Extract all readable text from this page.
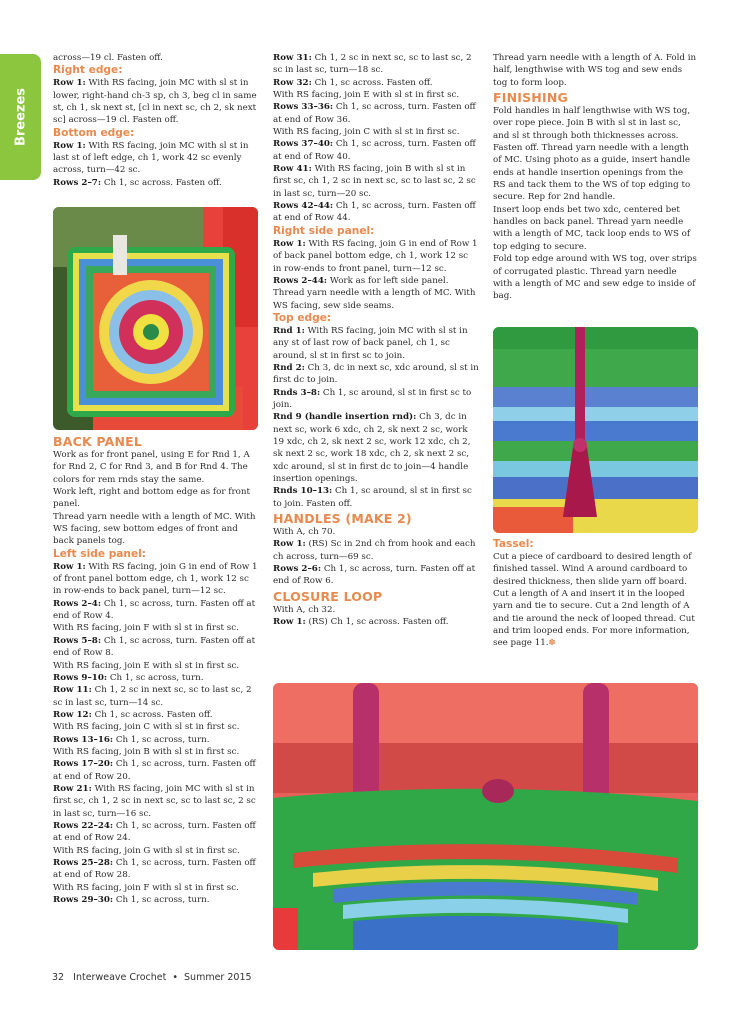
Breezes

across—19 cl. Fasten off.

Right edge:

Row 1: With RS facing, join MC with sl st in lower, right-hand ch-3 sp, ch 3, beg cl in same st, ch 1, sk next st, [cl in next sc, ch 2, sk next sc] across—19 cl. Fasten off.

Bottom edge:

Row 1: With RS facing, join MC with sl st in last st of left edge, ch 1, work 42 sc evenly across, turn—42 sc.

Rows 2–7: Ch 1, sc across. Fasten off.

BACK PANEL

Work as for front panel, using E for Rnd 1, A for Rnd 2, C for Rnd 3, and B for Rnd 4. The colors for rem rnds stay the same.

Work left, right and bottom edge as for front panel.

Thread yarn needle with a length of MC. With WS facing, sew bottom edges of front and back panels tog.

Left side panel:

Row 1: With RS facing, join G in end of Row 1 of front panel bottom edge, ch 1, work 12 sc in row-ends to back panel, turn—12 sc.

Rows 2–4: Ch 1, sc across, turn. Fasten off at end of Row 4.

With RS facing, join F with sl st in first sc.

Rows 5–8: Ch 1, sc across, turn. Fasten off at end of Row 8.

With RS facing, join E with sl st in first sc.

Rows 9–10: Ch 1, sc across, turn.

Row 11: Ch 1, 2 sc in next sc, sc to last sc, 2 sc in last sc, turn—14 sc.

Row 12: Ch 1, sc across. Fasten off.

With RS facing, join C with sl st in first sc.

Rows 13–16: Ch 1, sc across, turn.

With RS facing, join B with sl st in first sc.

Rows 17–20: Ch 1, sc across, turn. Fasten off at end of Row 20.

Row 21: With RS facing, join MC with sl st in first sc, ch 1, 2 sc in next sc, sc to last sc, 2 sc in last sc, turn—16 sc.

Rows 22–24: Ch 1, sc across, turn. Fasten off at end of Row 24.

With RS facing, join G with sl st in first sc.

Rows 25–28: Ch 1, sc across, turn. Fasten off at end of Row 28.

With RS facing, join F with sl st in first sc.

Rows 29–30: Ch 1, sc across, turn.

Row 31: Ch 1, 2 sc in next sc, sc to last sc, 2 sc in last sc, turn—18 sc.

Row 32: Ch 1, sc across. Fasten off.

With RS facing, join E with sl st in first sc.

Rows 33–36: Ch 1, sc across, turn. Fasten off at end of Row 36.

With RS facing, join C with sl st in first sc.

Rows 37–40: Ch 1, sc across, turn. Fasten off at end of Row 40.

Row 41: With RS facing, join B with sl st in first sc, ch 1, 2 sc in next sc, sc to last sc, 2 sc in last sc, turn—20 sc.

Rows 42–44: Ch 1, sc across, turn. Fasten off at end of Row 44.

Right side panel:

Row 1: With RS facing, join G in end of Row 1 of back panel bottom edge, ch 1, work 12 sc in row-ends to front panel, turn—12 sc.

Rows 2–44: Work as for left side panel.

Thread yarn needle with a length of MC. With WS facing, sew side seams.

Top edge:

Rnd 1: With RS facing, join MC with sl st in any st of last row of back panel, ch 1, sc around, sl st in first sc to join.

Rnd 2: Ch 3, dc in next sc, xdc around, sl st in first dc to join.

Rnds 3–8: Ch 1, sc around, sl st in first sc to join.

Rnd 9 (handle insertion rnd): Ch 3, dc in next sc, work 6 xdc, ch 2, sk next 2 sc, work 19 xdc, ch 2, sk next 2 sc, work 12 xdc, ch 2, sk next 2 sc, work 18 xdc, ch 2, sk next 2 sc, xdc around, sl st in first dc to join—4 handle insertion openings.

Rnds 10–13: Ch 1, sc around, sl st in first sc to join. Fasten off.

HANDLES (MAKE 2)

With A, ch 70.

Row 1: (RS) Sc in 2nd ch from hook and each ch across, turn—69 sc.

Rows 2–6: Ch 1, sc across, turn. Fasten off at end of Row 6.

CLOSURE LOOP

With A, ch 32.

Row 1: (RS) Ch 1, sc across. Fasten off.

Thread yarn needle with a length of A. Fold in half, lengthwise with WS tog and sew ends tog to form loop.

FINISHING

Fold handles in half lengthwise with WS tog, over rope piece. Join B with sl st in last sc, and sl st through both thicknesses across. Fasten off. Thread yarn needle with a length of MC. Using photo as a guide, insert handle ends at handle insertion openings from the RS and tack them to the WS of top edging to secure. Rep for 2nd handle.

Insert loop ends bet two xdc, centered bet handles on back panel. Thread yarn needle with a length of MC, tack loop ends to WS of top edging to secure.

Fold top edge around with WS tog, over strips of corrugated plastic. Thread yarn needle with a length of MC and sew edge to inside of bag.

Tassel:

Cut a piece of cardboard to desired length of finished tassel. Wind A around cardboard to desired thickness, then slide yarn off board. Cut a length of A and insert it in the looped yarn and tie to secure. Cut a 2nd length of A and tie around the neck of looped thread. Cut and trim looped ends. For more information, see page 11.✽

32 Interweave Crochet  •  Summer 2015
